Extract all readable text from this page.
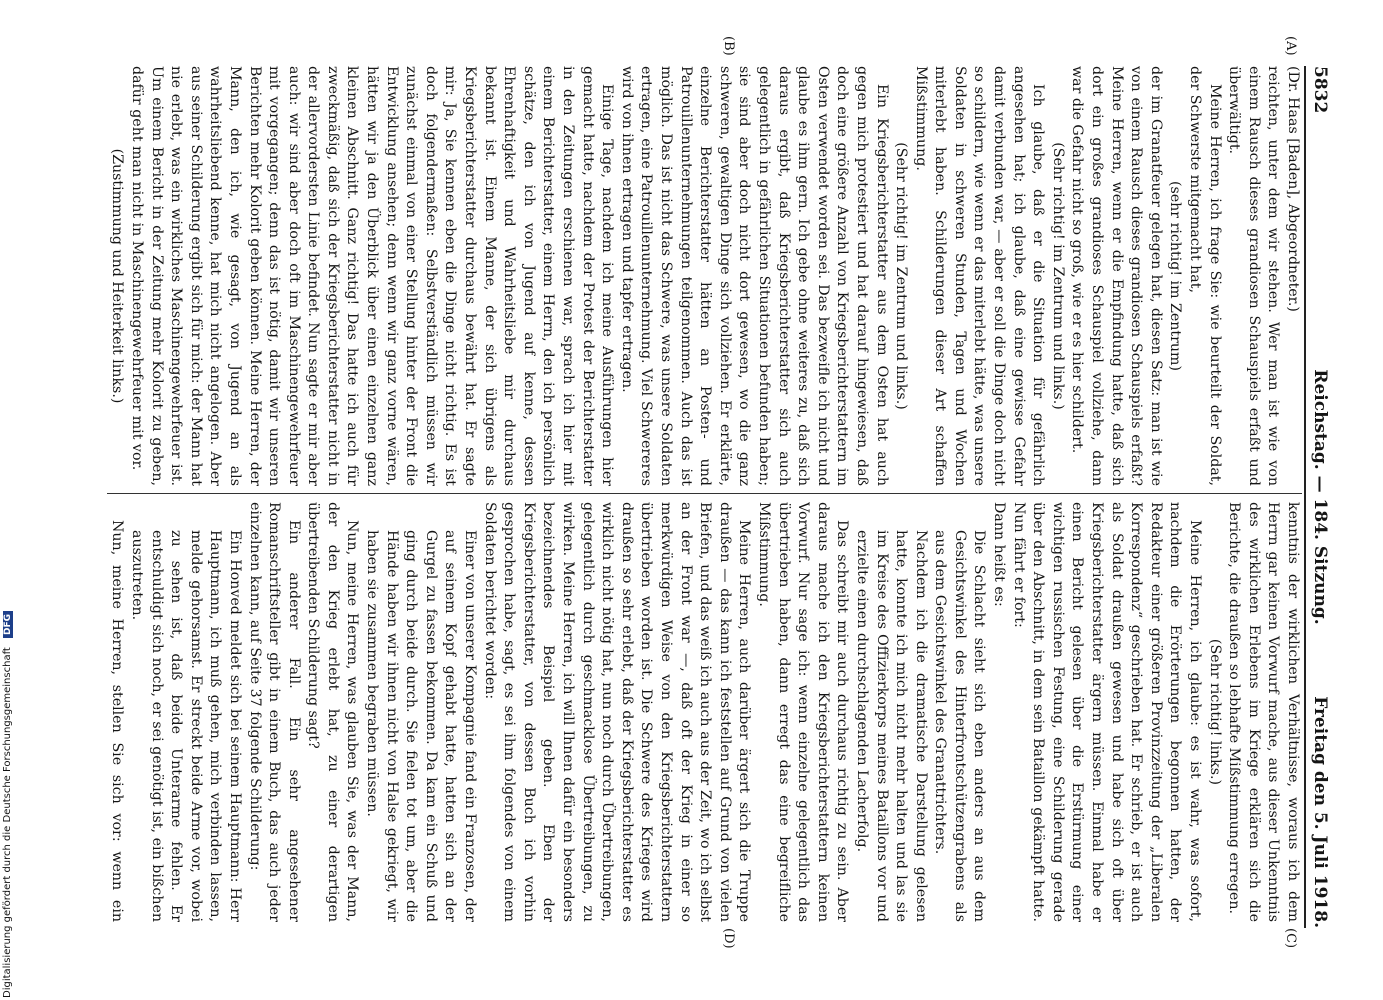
5832
Reichstag. — 184. Sitzung.
Freitag den 5. Juli 1918.
(A)
(B)
(C)
(D)

(Dr. Haas [Baden], Abgeordneter.)

reichten, unter dem wir stehen. Wer man ist wie von einem Rausch dieses grandiosen Schauspiels erfaßt und überwältigt.

Meine Herren, ich frage Sie: wie beurteilt der Soldat, der Schwerste mitgemacht hat,

(sehr richtig! im Zentrum)

der im Granatfeuer gelegen hat, diesen Satz: man ist wie von einem Rausch dieses grandiosen Schauspiels erfaßt? Meine Herren, wenn er die Empfindung hatte, daß sich dort ein großes grandioses Schauspiel vollziehe, dann war die Gefahr nicht so groß, wie er es hier schildert.

(Sehr richtig! im Zentrum und links.)

Ich glaube, daß er die Situation für gefährlich angesehen hat; ich glaube, daß eine gewisse Gefahr damit verbunden war, — aber er soll die Dinge doch nicht so schildern, wie wenn er das miterlebt hätte, was unsere Soldaten in schweren Stunden, Tagen und Wochen miterlebt haben. Schilderungen dieser Art schaffen Mißstimmung.

(Sehr richtig! im Zentrum und links.)

Ein Kriegsberichterstatter aus dem Osten hat auch gegen mich protestiert und hat darauf hingewiesen, daß doch eine größere Anzahl von Kriegsberichterstattern im Osten verwendet worden sei. Das bezweifle ich nicht und glaube es ihm gern. Ich gebe ohne weiteres zu, daß sich daraus ergibt, daß Kriegsberichterstatter sich auch gelegentlich in gefährlichen Situationen befunden haben; sie sind aber doch nicht dort gewesen, wo die ganz schweren, gewaltigen Dinge sich vollziehen. Er erklärte, einzelne Berichterstatter hätten an Posten- und Patrouillenunternehmungen teilgenommen. Auch das ist möglich. Das ist nicht das Schwere, was unsere Soldaten ertragen, eine Patrouillenunternehmung. Viel Schwereres wird von ihnen ertragen und tapfer ertragen.

Einige Tage, nachdem ich meine Ausführungen hier gemacht hatte, nachdem der Protest der Berichterstatter in den Zeitungen erschienen war, sprach ich hier mit einem Berichterstatter, einem Herrn, den ich persönlich schätze, den ich von Jugend auf kenne, dessen Ehrenhaftigkeit und Wahrheitsliebe mir durchaus bekannt ist. Einem Manne, der sich übrigens als Kriegsberichterstatter durchaus bewährt hat. Er sagte mir: Ja, Sie kennen eben die Dinge nicht richtig. Es ist doch folgendermaßen: Selbstverständlich müssen wir zunächst einmal von einer Stellung hinter der Front die Entwicklung ansehen; denn wenn wir ganz vorne wären, hätten wir ja den Überblick über einen einzelnen ganz kleinen Abschnitt. Ganz richtig! Das hatte ich auch für zweckmäßig, daß sich der Kriegsberichterstatter nicht in der allervordersten Linie befindet. Nun sagte er mir aber auch: wir sind aber doch oft im Maschinengewehrfeuer mit vorgegangen; denn das ist nötig, damit wir unseren Berichten mehr Kolorit geben können. Meine Herren, der Mann, den ich, wie gesagt, von Jugend an als wahrheitsliebend kenne, hat mich nicht angelogen. Aber aus seiner Schilderung ergibt sich für mich: der Mann hat nie erlebt, was ein wirkliches Maschinengewehrfeuer ist. Um einem Bericht in der Zeitung mehr Kolorit zu geben, dafür geht man nicht in Maschinengewehrfeuer mit vor.

(Zustimmung und Heiterkeit links.)

kenntnis der wirklichen Verhältnisse, woraus ich dem Herrn gar keinen Vorwurf mache, aus dieser Unkenntnis des wirklichen Erlebens im Kriege erklären sich die Berichte, die draußen so lebhafte Mißstimmung erregen.

(Sehr richtig! links.)

Meine Herren, ich glaube: es ist wahr, was sofort, nachdem die Erörterungen begonnen hatten, der Redakteur einer größeren Provinzzeitung der „Liberalen Korrespondenz“ geschrieben hat. Er schrieb, er ist auch als Soldat draußen gewesen und habe sich oft über Kriegsberichterstatter ärgern müssen. Einmal habe er einen Bericht gelesen über die Erstürmung einer wichtigen russischen Festung, eine Schilderung gerade über den Abschnitt, in dem sein Bataillon gekämpft hatte. Nun fährt er fort:

Dann heißt es:

Die Schlacht sieht sich eben anders an aus dem Gesichtswinkel des Hinterfrontschützengrabens als aus dem Gesichtswinkel des Granattrichters.

Nachdem ich die dramatische Darstellung gelesen hatte, konnte ich mich nicht mehr halten und las sie im Kreise des Offizierkorps meines Bataillons vor und erzielte einen durchschlagenden Lacherfolg.

Das schreibt mir auch durchaus richtig zu sein. Aber daraus mache ich den Kriegsberichterstattern keinen Vorwurf. Nur sage ich: wenn einzelne gelegentlich das übertrieben haben, dann erregt das eine begreifliche Mißstimmung.

Meine Herren, auch darüber ärgert sich die Truppe draußen — das kann ich feststellen auf Grund von vielen Briefen, und das weiß ich auch aus der Zeit, wo ich selbst an der Front war —, daß oft der Krieg in einer so merkwürdigen Weise von den Kriegsberichterstattern übertrieben worden ist. Die Schwere des Krieges wird draußen so sehr erlebt, daß der Kriegsberichterstatter es wirklich nicht nötig hat, nun noch durch Übertreibungen, gelegentlich durch geschmacklose Übertreibungen, zu wirken. Meine Herren, ich will Ihnen dafür ein besonders bezeichnendes Beispiel geben. Eben der Kriegsberichterstatter, von dessen Buch ich vorhin gesprochen habe, sagt, es sei ihm folgendes von einem Soldaten berichtet worden:

Einer von unserer Kompagnie fand ein Franzosen, der auf seinem Kopf gehabt hatte, hatten sich an der Gurgel zu fassen bekommen. Da kam ein Schuß und ging durch beide durch. Sie fielen tot um, aber die Hände haben wir ihnen nicht von Halse gekriegt, wir haben sie zusammen begraben müssen.

Nun, meine Herren, was glauben Sie, was der Mann, der den Krieg erlebt hat, zu einer derartigen übertreibenden Schilderung sagt?

Ein anderer Fall. Ein sehr angesehener Romanschriftsteller gibt in einem Buch, das auch jeder einzelnen kann, auf Seite 37 folgende Schilderung:

Ein Honved meldet sich bei seinem Hauptmann: Herr Hauptmann, ich muß gehen, mich verbinden lassen, melde gehorsamst. Er streckt beide Arme vor, wobei zu sehen ist, daß beide Unterarme fehlen. Er entschuldigt sich noch, er sei genötigt ist, ein bißchen auszutreten.

Nun, meine Herren, stellen Sie sich vor: wenn ein

Digitalisierung gefördert durch die Deutsche Forschungsgemeinschaft DFG
